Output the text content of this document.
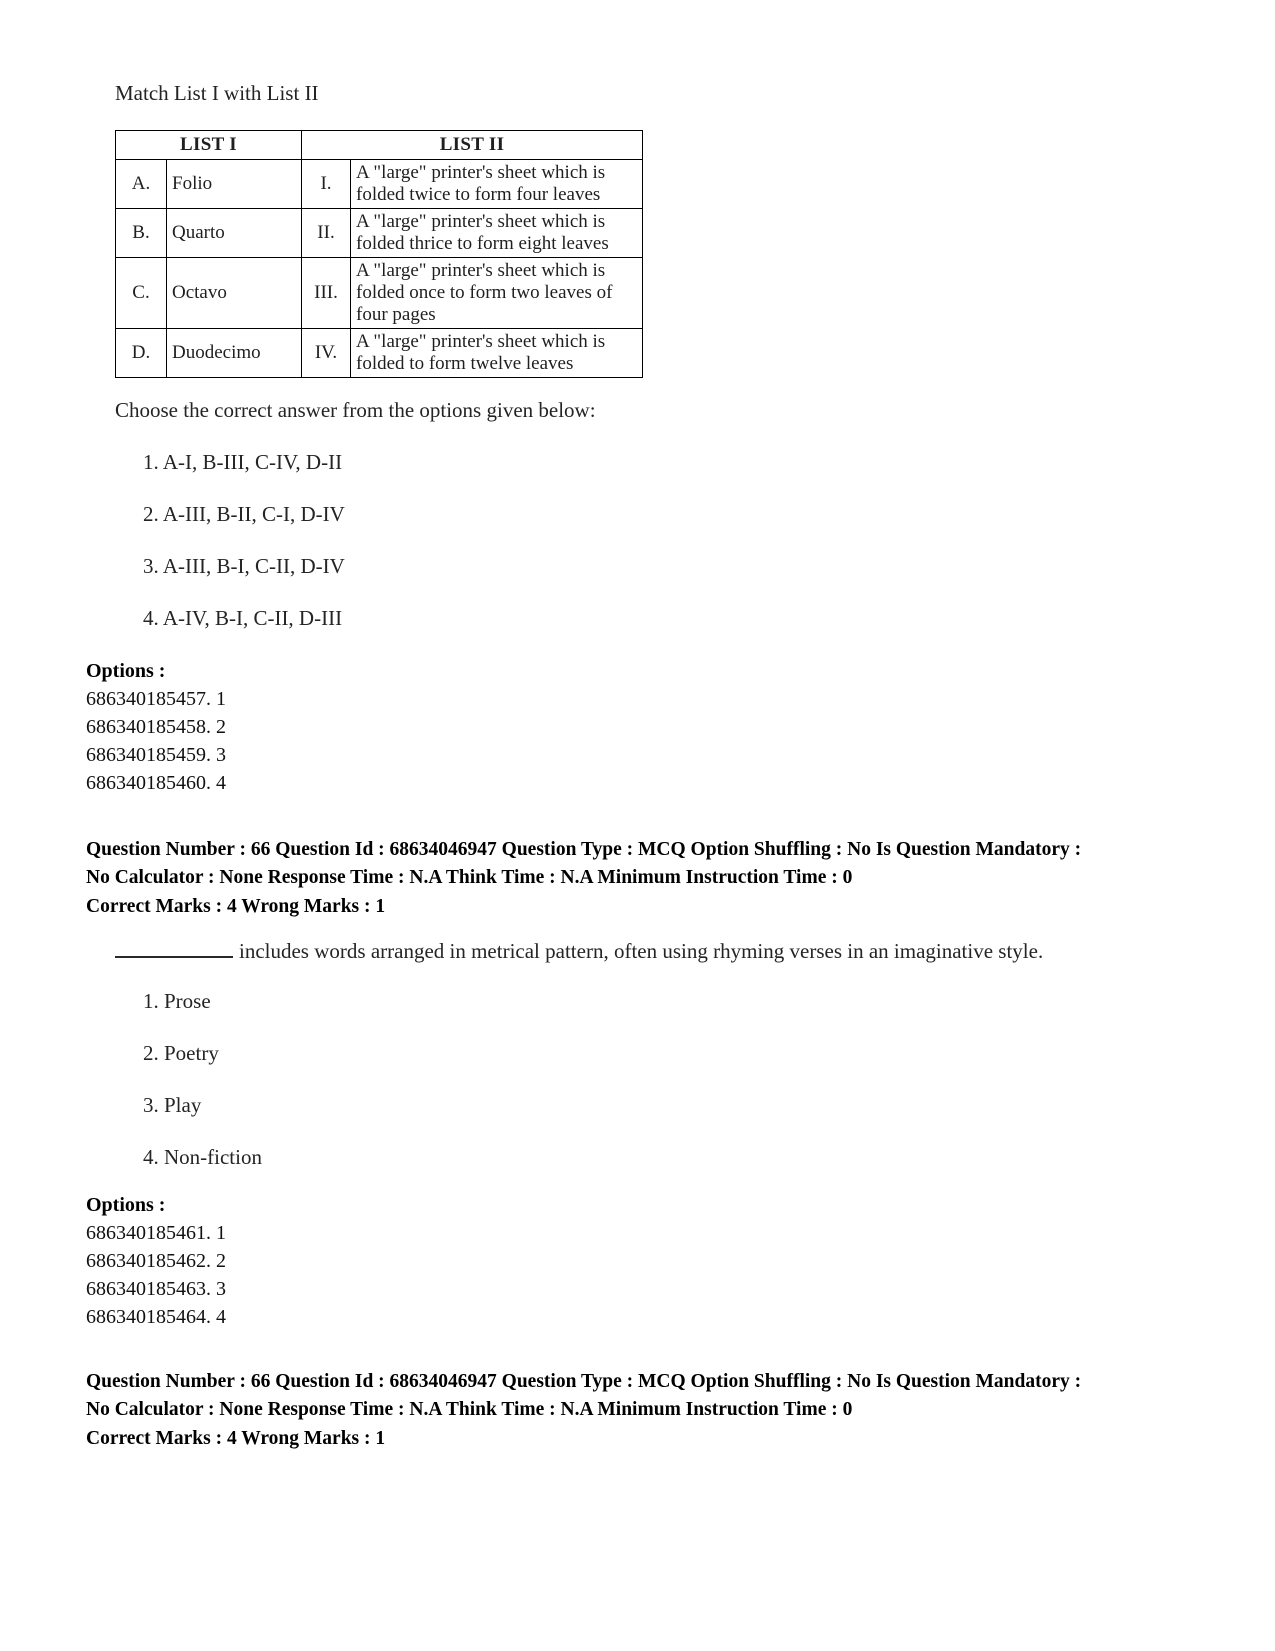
Match List I with List II
LIST I		LIST II	
A.	Folio	I.	A "large" printer's sheet which is folded twice to form four leaves
B.	Quarto	II.	A "large" printer's sheet which is folded thrice to form eight leaves
C.	Octavo	III.	A "large" printer's sheet which is folded once to form two leaves of four pages
D.	Duodecimo	IV.	A "large" printer's sheet which is folded to form twelve leaves
Choose the correct answer from the options given below:
1. A-I, B-III, C-IV, D-II
2. A-III, B-II, C-I, D-IV
3. A-III, B-I, C-II, D-IV
4. A-IV, B-I, C-II, D-III
Options :
686340185457. 1
686340185458. 2
686340185459. 3
686340185460. 4
Question Number : 66 Question Id : 68634046947 Question Type : MCQ Option Shuffling : No Is Question Mandatory :
No Calculator : None Response Time : N.A Think Time : N.A Minimum Instruction Time : 0
Correct Marks : 4 Wrong Marks : 1
includes words arranged in metrical pattern, often using rhyming verses in an imaginative style.
1. Prose
2. Poetry
3. Play
4. Non-fiction
Options :
686340185461. 1
686340185462. 2
686340185463. 3
686340185464. 4
Question Number : 66 Question Id : 68634046947 Question Type : MCQ Option Shuffling : No Is Question Mandatory :
No Calculator : None Response Time : N.A Think Time : N.A Minimum Instruction Time : 0
Correct Marks : 4 Wrong Marks : 1
